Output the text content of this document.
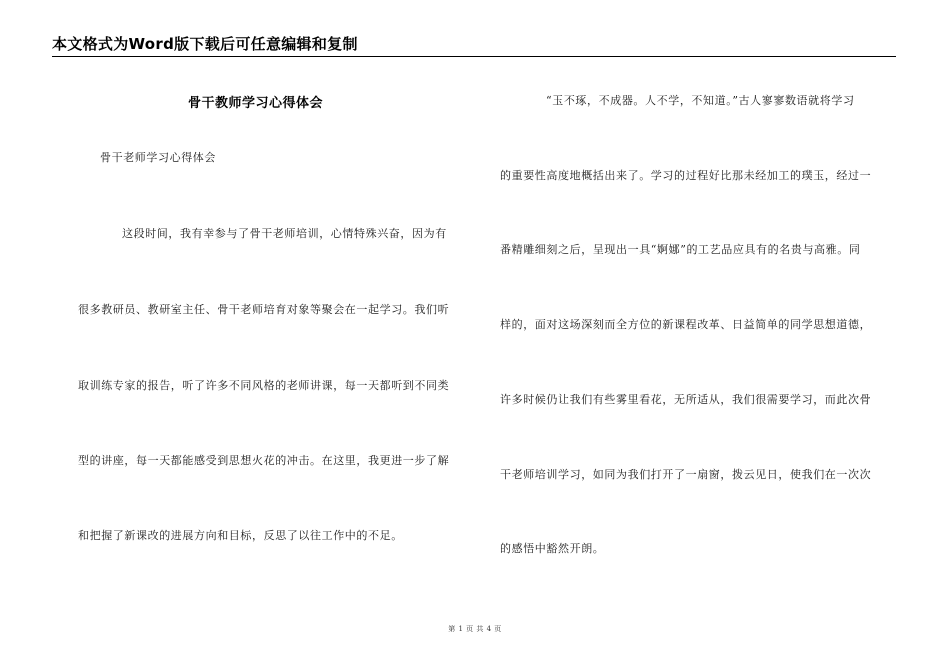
本文格式为Word版下载后可任意编辑和复制
骨干教师学习心得体会
骨干老师学习心得体会
这段时间，我有幸参与了骨干老师培训，心情特殊兴奋，因为有
很多教研员、教研室主任、骨干老师培育对象等聚会在一起学习。我们听
取训练专家的报告，听了许多不同风格的老师讲课，每一天都听到不同类
型的讲座，每一天都能感受到思想火花的冲击。在这里，我更进一步了解
和把握了新课改的进展方向和目标，反思了以往工作中的不足。
“玉不琢，不成器。人不学，不知道。”古人寥寥数语就将学习
的重要性高度地概括出来了。学习的过程好比那未经加工的璞玉，经过一
番精雕细刻之后，呈现出一具“婀娜”的工艺品应具有的名贵与高雅。同
样的，面对这场深刻而全方位的新课程改革、日益简单的同学思想道德，
许多时候仍让我们有些雾里看花，无所适从，我们很需要学习，而此次骨
干老师培训学习，如同为我们打开了一扇窗，拨云见日，使我们在一次次
的感悟中豁然开朗。
第 1 页 共 4 页
